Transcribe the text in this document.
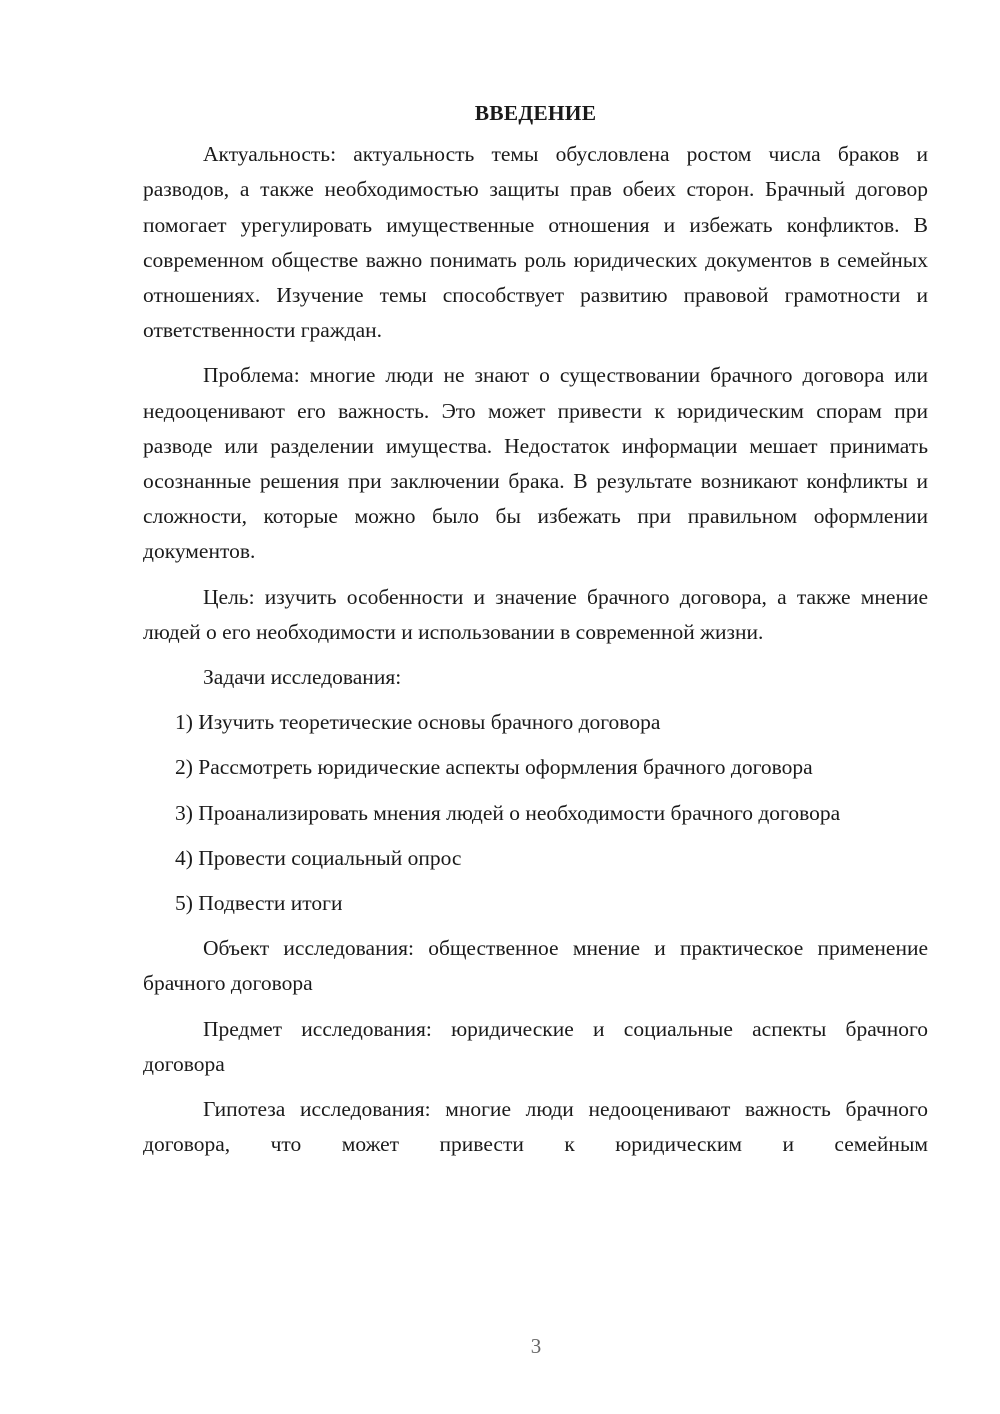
ВВЕДЕНИЕ

Актуальность: актуальность темы обусловлена ростом числа браков и разводов, а также необходимостью защиты прав обеих сторон. Брачный договор помогает урегулировать имущественные отношения и избежать конфликтов. В современном обществе важно понимать роль юридических документов в семейных отношениях. Изучение темы способствует развитию правовой грамотности и ответственности граждан.

Проблема: многие люди не знают о существовании брачного договора или недооценивают его важность. Это может привести к юридическим спорам при разводе или разделении имущества. Недостаток информации мешает принимать осознанные решения при заключении брака. В результате возникают конфликты и сложности, которые можно было бы избежать при правильном оформлении документов.

Цель: изучить особенности и значение брачного договора, а также мнение людей о его необходимости и использовании в современной жизни.

Задачи исследования:

1) Изучить теоретические основы брачного договора

2) Рассмотреть юридические аспекты оформления брачного договора

3) Проанализировать мнения людей о необходимости брачного договора

4) Провести социальный опрос

5) Подвести итоги

Объект исследования: общественное мнение и практическое применение брачного договора

Предмет исследования: юридические и социальные аспекты брачного договора

Гипотеза исследования: многие люди недооценивают важность брачного договора, что может привести к юридическим и семейным

3
